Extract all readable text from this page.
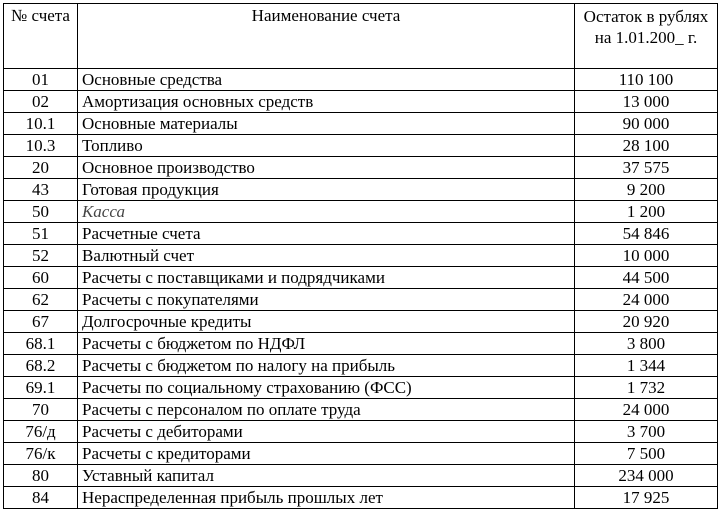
№ счета	Наименование счета	Остаток в рублях на 1.01.200_ г.
01	Основные средства	110 100
02	Амортизация основных средств	13 000
10.1	Основные материалы	90 000
10.3	Топливо	28 100
20	Основное производство	37 575
43	Готовая продукция	9 200
50	Касса	1 200
51	Расчетные счета	54 846
52	Валютный счет	10 000
60	Расчеты с поставщиками и подрядчиками	44 500
62	Расчеты с покупателями	24 000
67	Долгосрочные кредиты	20 920
68.1	Расчеты с бюджетом по НДФЛ	3 800
68.2	Расчеты с бюджетом по налогу на прибыль	1 344
69.1	Расчеты по социальному страхованию (ФСС)	1 732
70	Расчеты с персоналом по оплате труда	24 000
76/д	Расчеты с дебиторами	3 700
76/к	Расчеты с кредиторами	7 500
80	Уставный капитал	234 000
84	Нераспределенная прибыль прошлых лет	17 925
